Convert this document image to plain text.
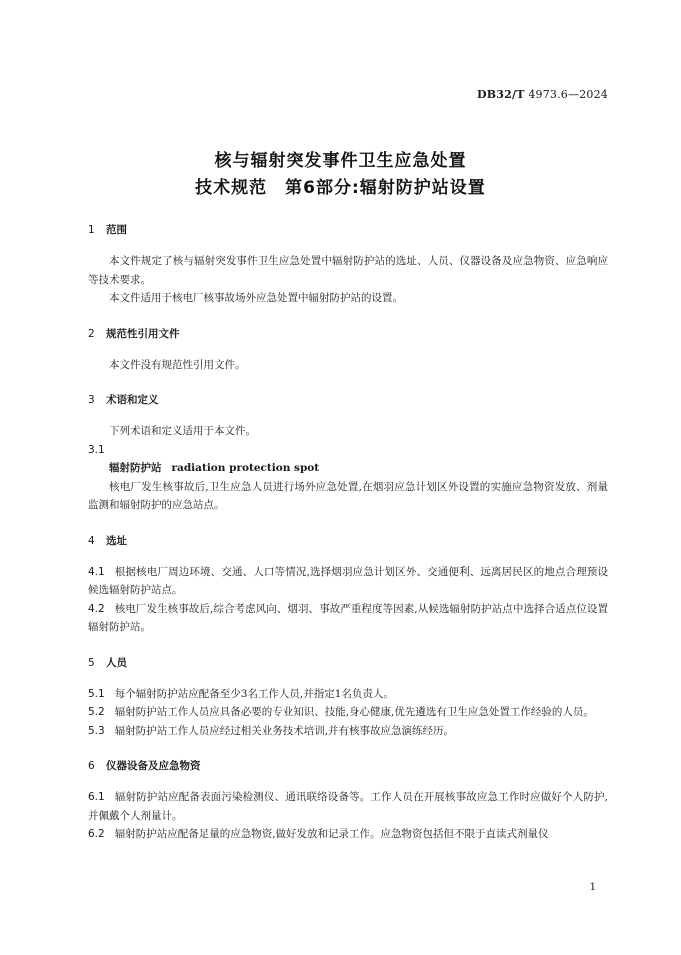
DB32/T 4973.6—2024
核与辐射突发事件卫生应急处置
技术规范　第6部分:辐射防护站设置
1	范围
本文件规定了核与辐射突发事件卫生应急处置中辐射防护站的选址、人员、仪器设备及应急物资、应急响应等技术要求。
本文件适用于核电厂核事故场外应急处置中辐射防护站的设置。
2	规范性引用文件
本文件没有规范性引用文件。
3	术语和定义
下列术语和定义适用于本文件。
3.1
辐射防护站 radiation protection spot
核电厂发生核事故后,卫生应急人员进行场外应急处置,在烟羽应急计划区外设置的实施应急物资发放、剂量监测和辐射防护的应急站点。
4	选址
4.1 根据核电厂周边环境、交通、人口等情况,选择烟羽应急计划区外、交通便利、远离居民区的地点合理预设候选辐射防护站点。
4.2 核电厂发生核事故后,综合考虑风向、烟羽、事故严重程度等因素,从候选辐射防护站点中选择合适点位设置辐射防护站。
5	人员
5.1 每个辐射防护站应配备至少3名工作人员,并指定1名负责人。
5.2 辐射防护站工作人员应具备必要的专业知识、技能,身心健康,优先遴选有卫生应急处置工作经验的人员。
5.3 辐射防护站工作人员应经过相关业务技术培训,并有核事故应急演练经历。
6	仪器设备及应急物资
6.1 辐射防护站应配备表面污染检测仪、通讯联络设备等。工作人员在开展核事故应急工作时应做好个人防护,并佩戴个人剂量计。
6.2 辐射防护站应配备足量的应急物资,做好发放和记录工作。应急物资包括但不限于直读式剂量仪
1
